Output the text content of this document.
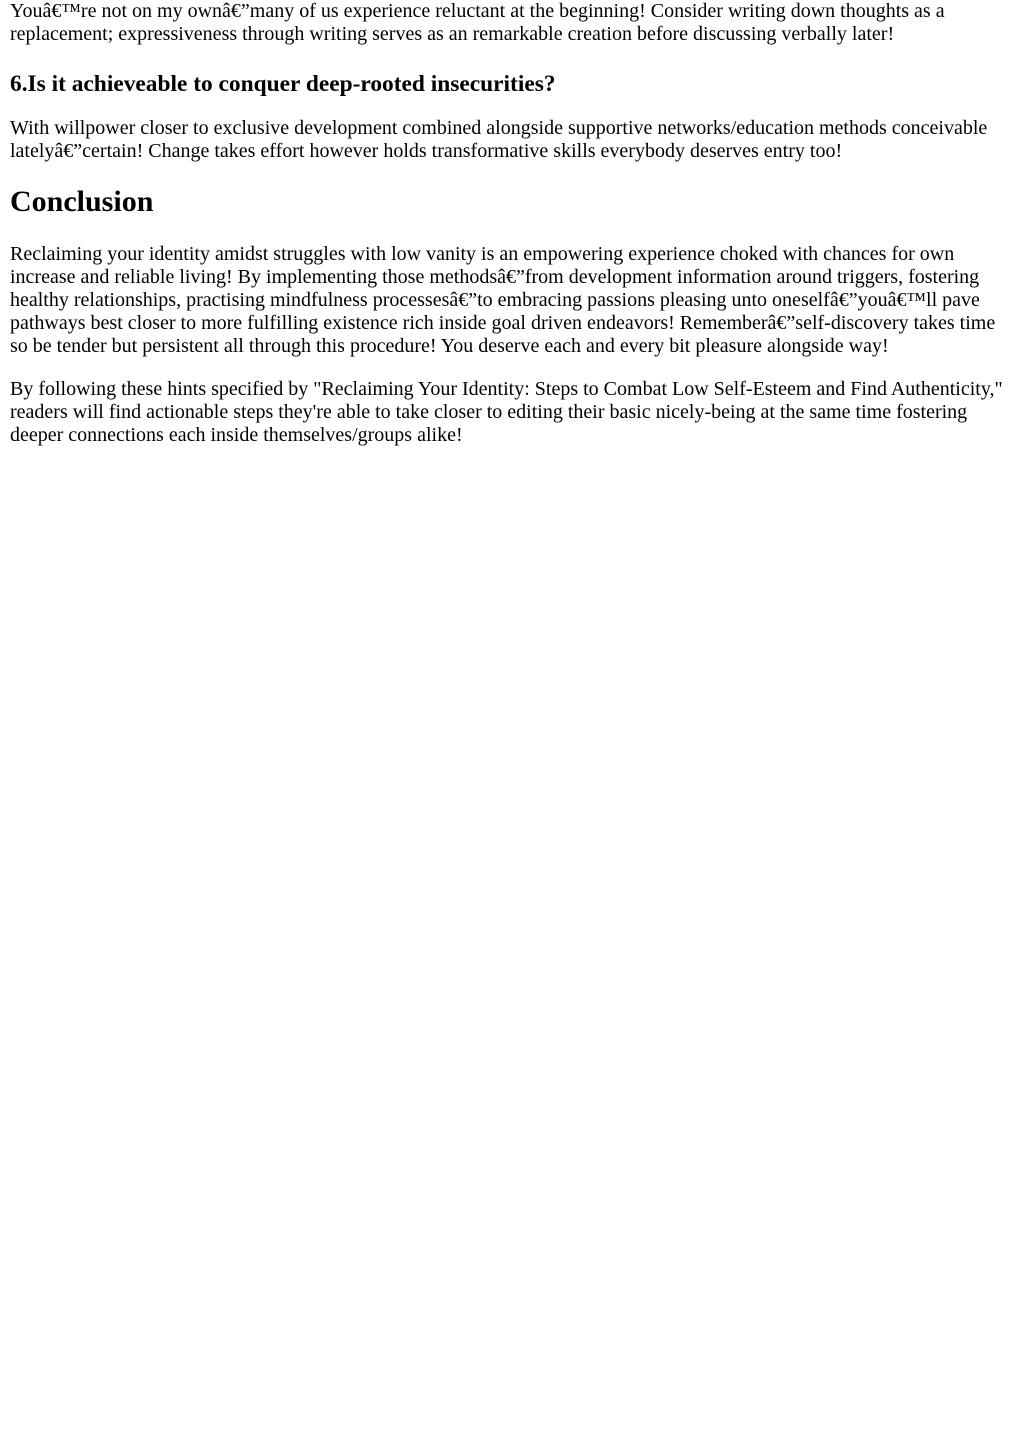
Youâ€™re not on my ownâ€”many of us experience reluctant at the beginning! Consider writing down thoughts as a replacement; expressiveness through writing serves as an remarkable creation before discussing verbally later!

6.Is it achieveable to conquer deep-rooted insecurities?

With willpower closer to exclusive development combined alongside supportive networks/education methods conceivable latelyâ€”certain! Change takes effort however holds transformative skills everybody deserves entry too!

Conclusion

Reclaiming your identity amidst struggles with low vanity is an empowering experience choked with chances for own increase and reliable living! By implementing those methodsâ€”from development information around triggers, fostering healthy relationships, practising mindfulness processesâ€”to embracing passions pleasing unto oneselfâ€”youâ€™ll pave pathways best closer to more fulfilling existence rich inside goal driven endeavors! Rememberâ€”self-discovery takes time so be tender but persistent all through this procedure! You deserve each and every bit pleasure alongside way!

By following these hints specified by "Reclaiming Your Identity: Steps to Combat Low Self-Esteem and Find Authenticity," readers will find actionable steps they're able to take closer to editing their basic nicely-being at the same time fostering deeper connections each inside themselves/groups alike!
